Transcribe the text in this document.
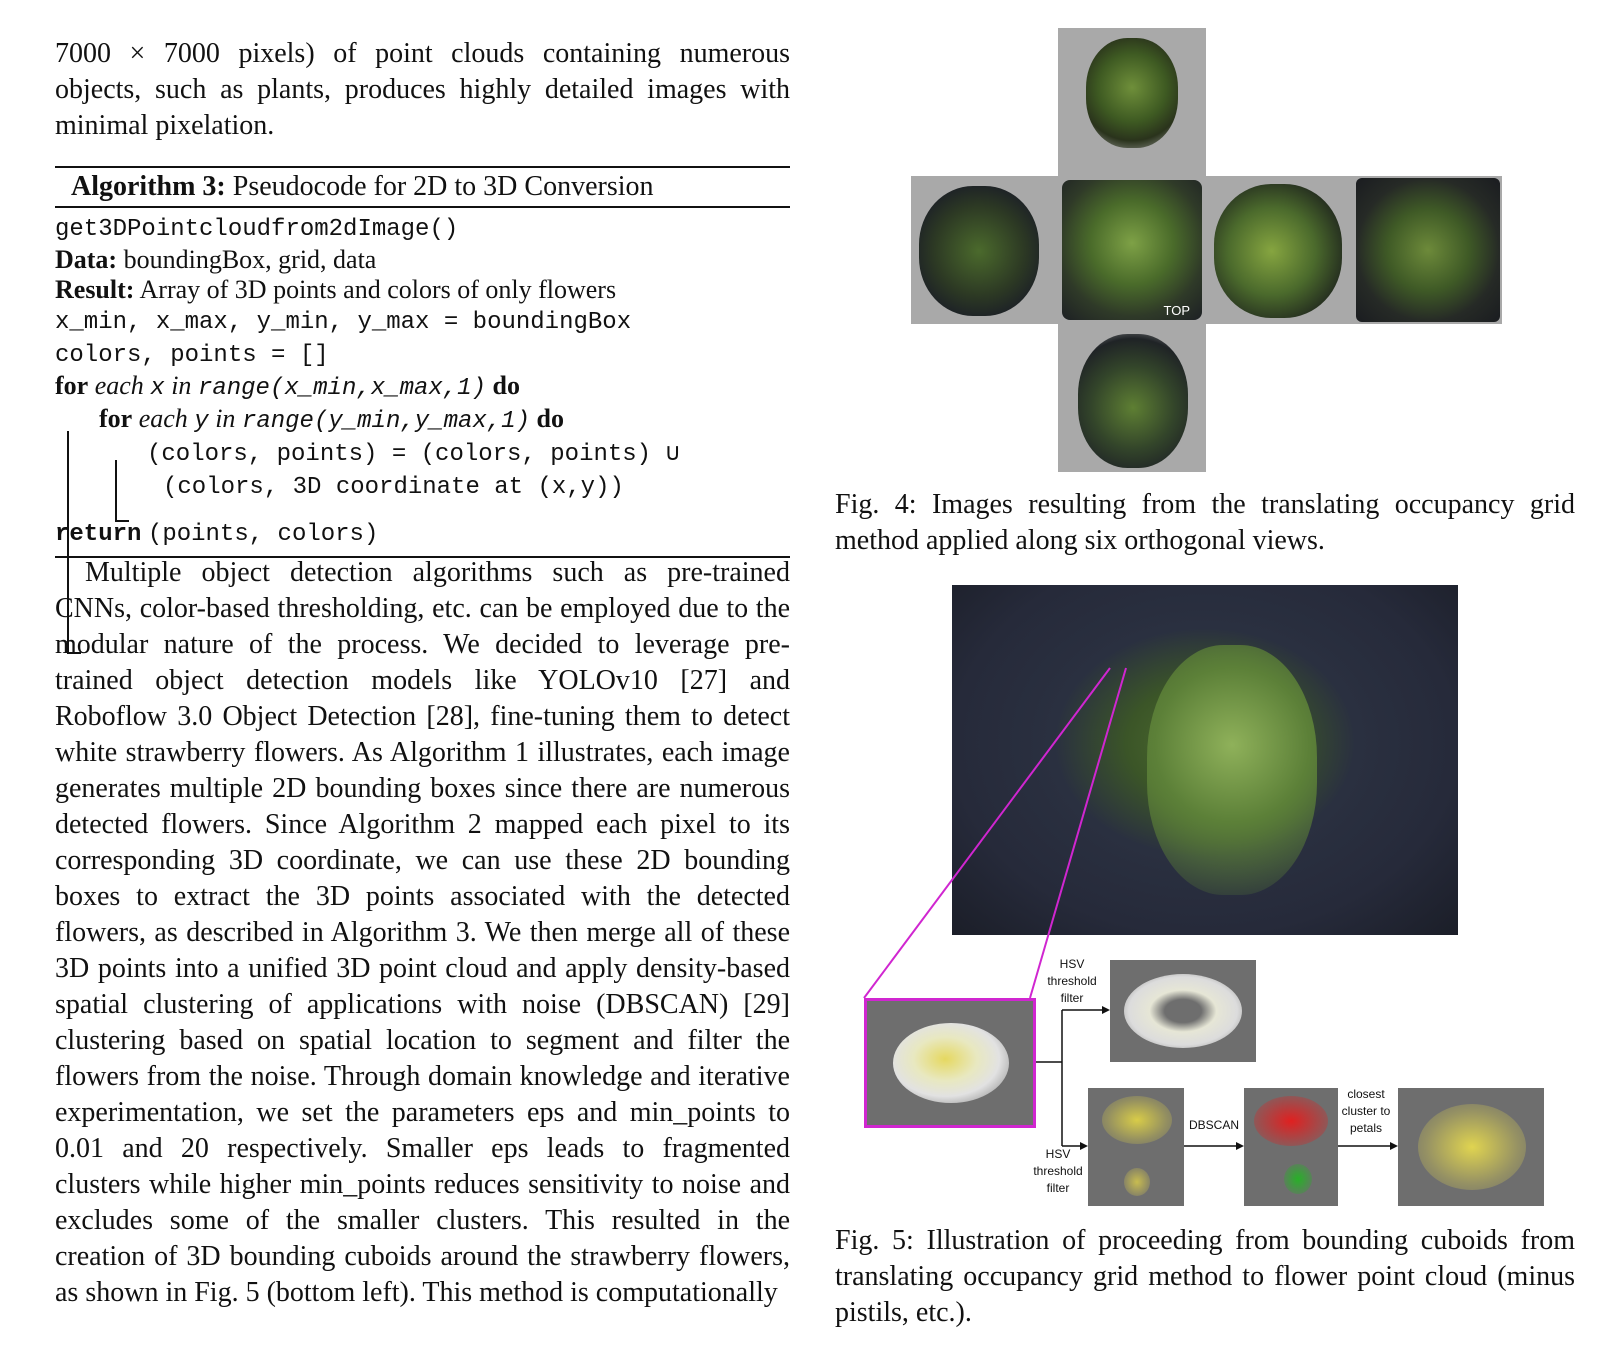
7000 × 7000 pixels) of point clouds containing numerous objects, such as plants, produces highly detailed images with minimal pixelation.

Algorithm 3: Pseudocode for 2D to 3D Conversion
get3DPointcloudfrom2dImage()
Data: boundingBox, grid, data
Result: Array of 3D points and colors of only flowers
x_min, x_max, y_min, y_max = boundingBox
colors, points = []
for each x in range(x_min,x_max,1) do
for each y in range(y_min,y_max,1) do
(colors, points) = (colors, points) ∪
(colors, 3D coordinate at (x,y))
return (points, colors)

Multiple object detection algorithms such as pre-trained CNNs, color-based thresholding, etc. can be employed due to the modular nature of the process. We decided to leverage pre-trained object detection models like YOLOv10 [27] and Roboflow 3.0 Object Detection [28], fine-tuning them to detect white strawberry flowers. As Algorithm 1 illustrates, each image generates multiple 2D bounding boxes since there are numerous detected flowers. Since Algorithm 2 mapped each pixel to its corresponding 3D coordinate, we can use these 2D bounding boxes to extract the 3D points associated with the detected flowers, as described in Algorithm 3. We then merge all of these 3D points into a unified 3D point cloud and apply density-based spatial clustering of applications with noise (DBSCAN) [29] clustering based on spatial location to segment and filter the flowers from the noise. Through domain knowledge and iterative experimentation, we set the parameters eps and min_points to 0.01 and 20 respectively. Smaller eps leads to fragmented clusters while higher min_points reduces sensitivity to noise and excludes some of the smaller clusters. This resulted in the creation of 3D bounding cuboids around the strawberry flowers, as shown in Fig. 5 (bottom left). This method is computationally

TOP

Fig. 4: Images resulting from the translating occupancy grid method applied along six orthogonal views.

HSV threshold filter
HSV threshold filter
DBSCAN
closest cluster to petals

Fig. 5: Illustration of proceeding from bounding cuboids from translating occupancy grid method to flower point cloud (minus pistils, etc.).
